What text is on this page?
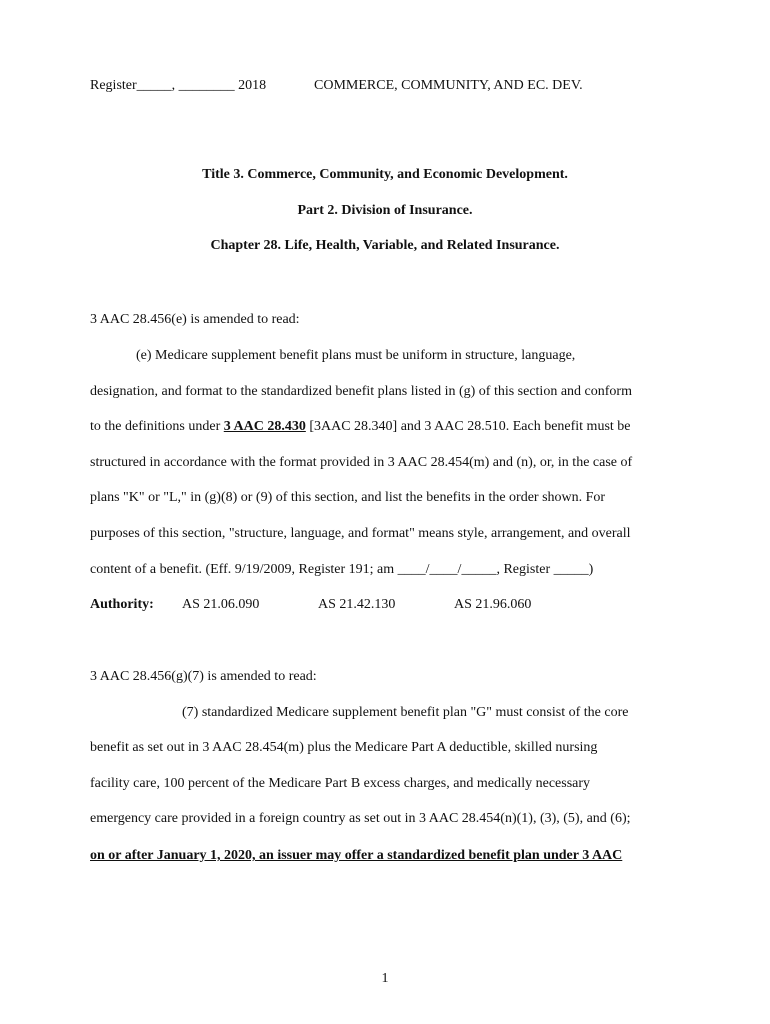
Register_____, ________ 2018	COMMERCE, COMMUNITY, AND EC. DEV.
Title 3. Commerce, Community, and Economic Development.
Part 2. Division of Insurance.
Chapter 28. Life, Health, Variable, and Related Insurance.
3 AAC 28.456(e) is amended to read:
(e) Medicare supplement benefit plans must be uniform in structure, language,
designation, and format to the standardized benefit plans listed in (g) of this section and conform
to the definitions under 3 AAC 28.430 [3AAC 28.340] and 3 AAC 28.510. Each benefit must be
structured in accordance with the format provided in 3 AAC 28.454(m) and (n), or, in the case of
plans "K" or "L," in (g)(8) or (9) of this section, and list the benefits in the order shown. For
purposes of this section, "structure, language, and format" means style, arrangement, and overall
content of a benefit. (Eff. 9/19/2009, Register 191; am ____/____/_____, Register _____)
Authority: AS 21.06.090	AS 21.42.130	AS 21.96.060
3 AAC 28.456(g)(7) is amended to read:
(7) standardized Medicare supplement benefit plan "G" must consist of the core
benefit as set out in 3 AAC 28.454(m) plus the Medicare Part A deductible, skilled nursing
facility care, 100 percent of the Medicare Part B excess charges, and medically necessary
emergency care provided in a foreign country as set out in 3 AAC 28.454(n)(1), (3), (5), and (6);
on or after January 1, 2020, an issuer may offer a standardized benefit plan under 3 AAC
1
